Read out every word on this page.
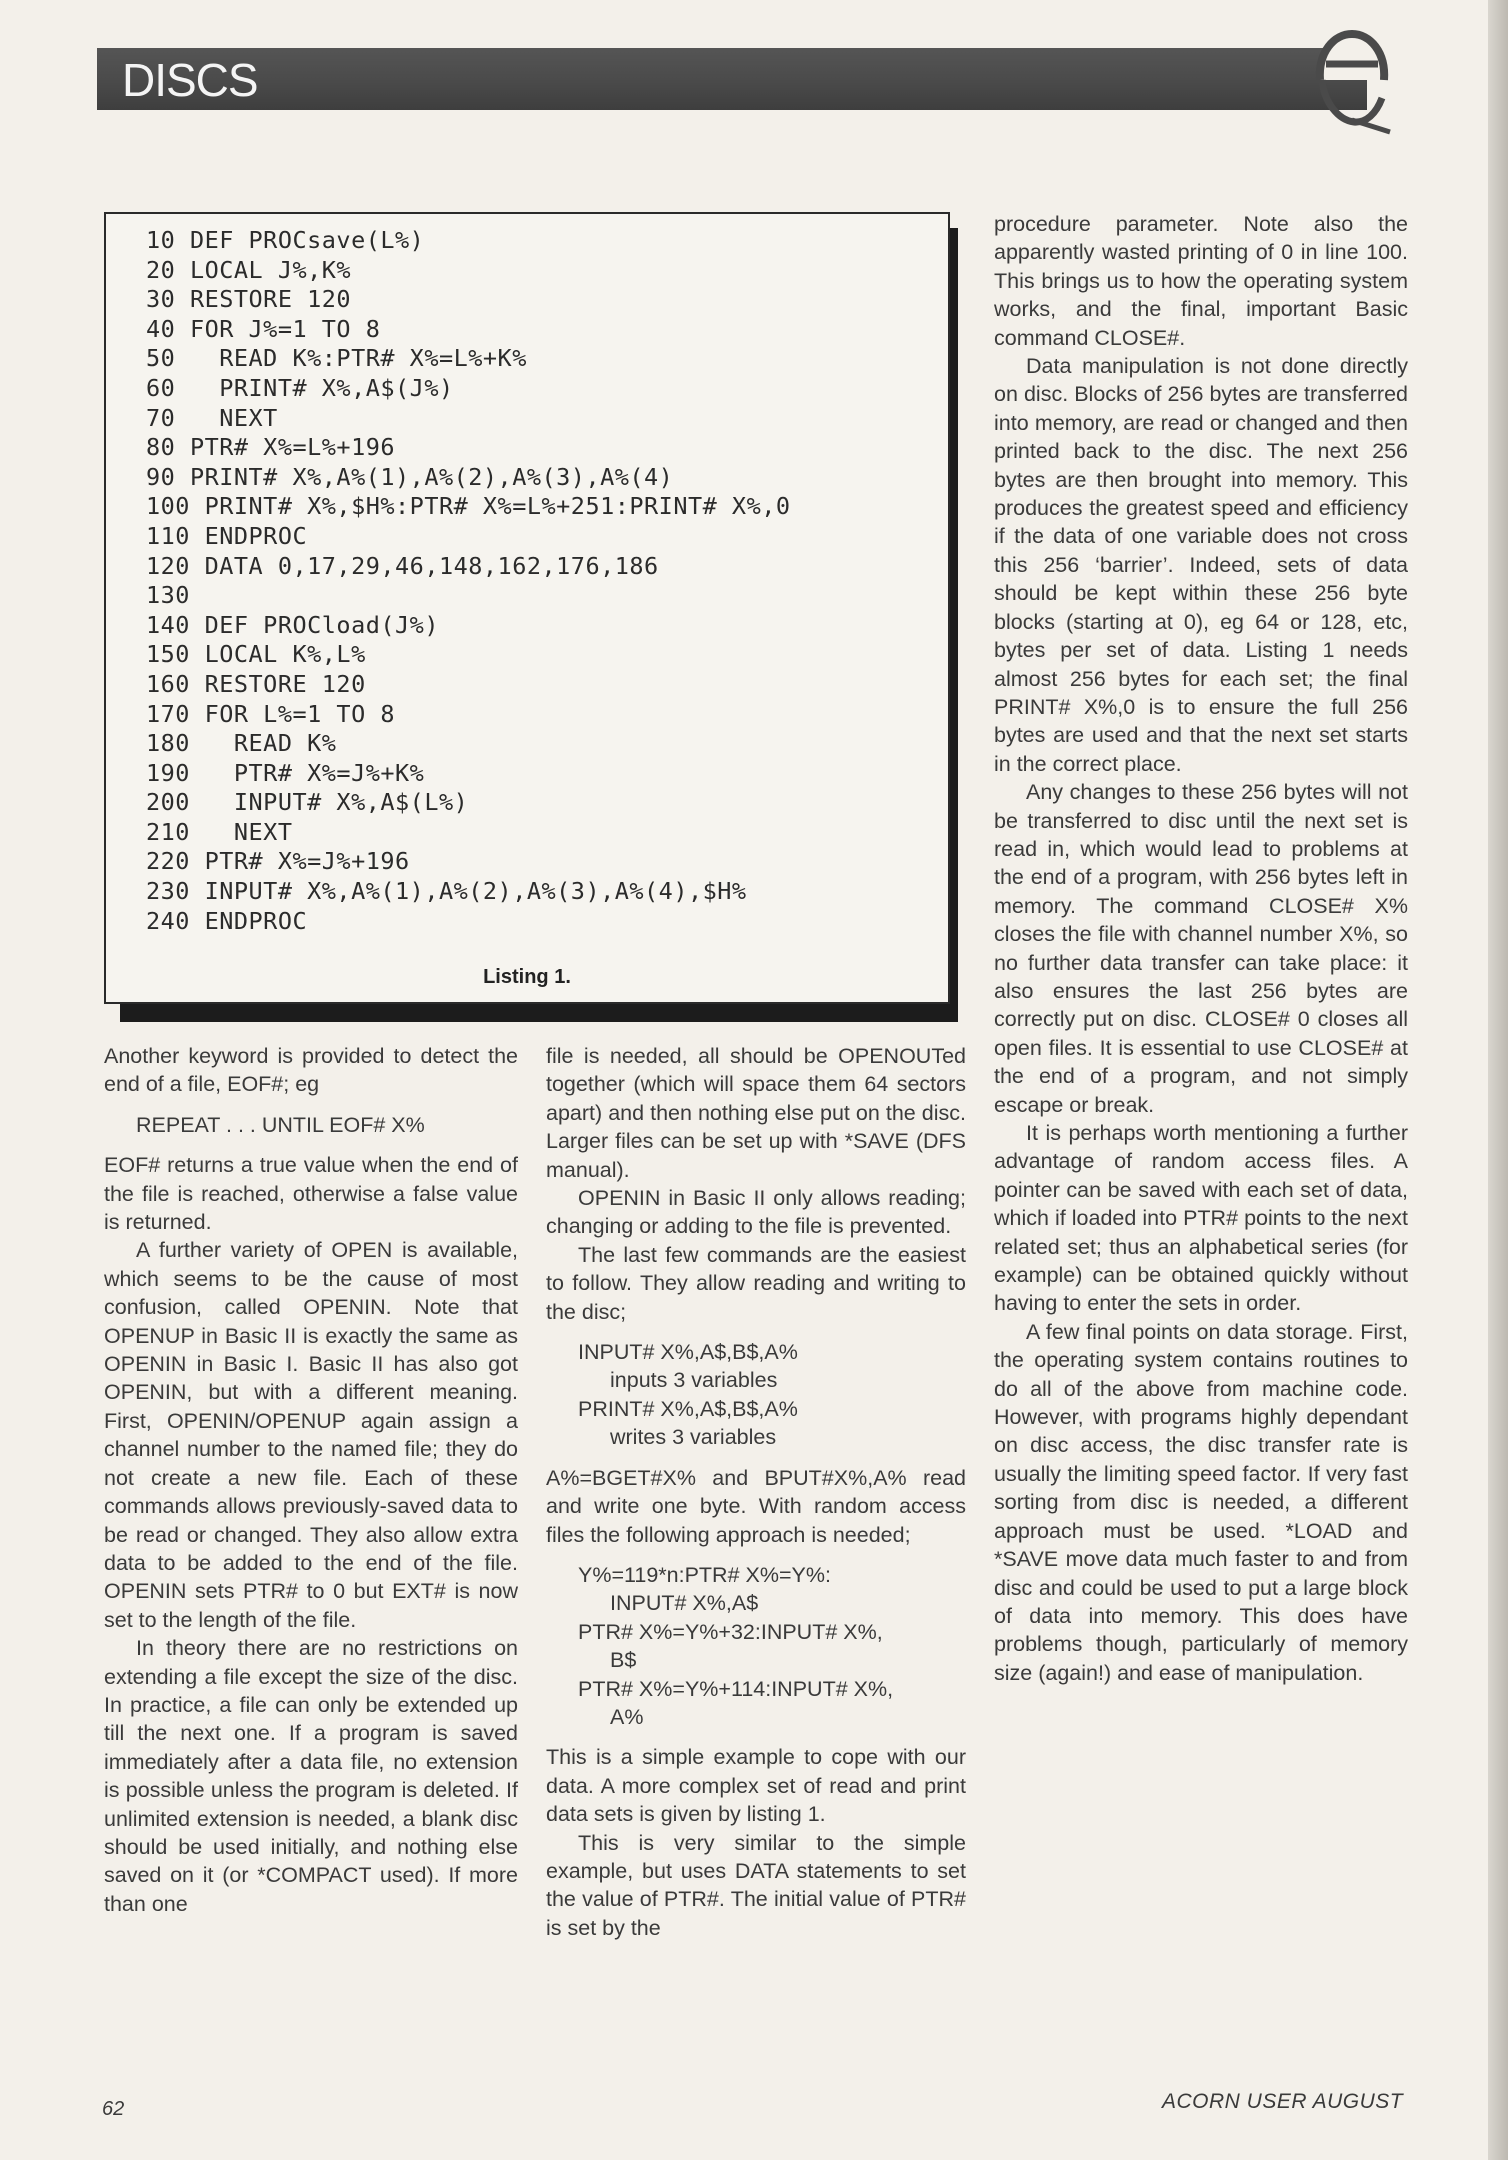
DISCS
10 DEF PROCsave(L%)
20 LOCAL J%,K%
30 RESTORE 120
40 FOR J%=1 TO 8
50   READ K%:PTR# X%=L%+K%
60   PRINT# X%,A$(J%)
70   NEXT
80 PTR# X%=L%+196
90 PRINT# X%,A%(1),A%(2),A%(3),A%(4)
100 PRINT# X%,$H%:PTR# X%=L%+251:PRINT# X%,0
110 ENDPROC
120 DATA 0,17,29,46,148,162,176,186
130
140 DEF PROCload(J%)
150 LOCAL K%,L%
160 RESTORE 120
170 FOR L%=1 TO 8
180   READ K%
190   PTR# X%=J%+K%
200   INPUT# X%,A$(L%)
210   NEXT
220 PTR# X%=J%+196
230 INPUT# X%,A%(1),A%(2),A%(3),A%(4),$H%
240 ENDPROC
Listing 1.

Another keyword is provided to detect the end of a file, EOF#; eg

REPEAT . . . UNTIL EOF# X%

EOF# returns a true value when the end of the file is reached, otherwise a false value is returned.

A further variety of OPEN is available, which seems to be the cause of most confusion, called OPENIN. Note that OPENUP in Basic II is exactly the same as OPENIN in Basic I. Basic II has also got OPENIN, but with a different meaning. First, OPENIN/OPENUP again assign a channel number to the named file; they do not create a new file. Each of these commands allows previously-saved data to be read or changed. They also allow extra data to be added to the end of the file. OPENIN sets PTR# to 0 but EXT# is now set to the length of the file.

In theory there are no restrictions on extending a file except the size of the disc. In practice, a file can only be extended up till the next one. If a program is saved immediately after a data file, no extension is possible unless the program is deleted. If unlimited extension is needed, a blank disc should be used initially, and nothing else saved on it (or *COMPACT used). If more than one

file is needed, all should be OPENOUTed together (which will space them 64 sectors apart) and then nothing else put on the disc. Larger files can be set up with *SAVE (DFS manual).

OPENIN in Basic II only allows reading; changing or adding to the file is prevented.

The last few commands are the easiest to follow. They allow reading and writing to the disc;

INPUT# X%,A$,B$,A%
inputs 3 variables
PRINT# X%,A$,B$,A%
writes 3 variables

A%=BGET#X% and BPUT#X%,A% read and write one byte. With random access files the following approach is needed;

Y%=119*n:PTR# X%=Y%:
INPUT# X%,A$
PTR# X%=Y%+32:INPUT# X%,
B$
PTR# X%=Y%+114:INPUT# X%,
A%

This is a simple example to cope with our data. A more complex set of read and print data sets is given by listing 1.

This is very similar to the simple example, but uses DATA statements to set the value of PTR#. The initial value of PTR# is set by the

procedure parameter. Note also the apparently wasted printing of 0 in line 100. This brings us to how the operating system works, and the final, important Basic command CLOSE#.

Data manipulation is not done directly on disc. Blocks of 256 bytes are transferred into memory, are read or changed and then printed back to the disc. The next 256 bytes are then brought into memory. This produces the greatest speed and efficiency if the data of one variable does not cross this 256 ‘barrier’. Indeed, sets of data should be kept within these 256 byte blocks (starting at 0), eg 64 or 128, etc, bytes per set of data. Listing 1 needs almost 256 bytes for each set; the final PRINT# X%,0 is to ensure the full 256 bytes are used and that the next set starts in the correct place.

Any changes to these 256 bytes will not be transferred to disc until the next set is read in, which would lead to problems at the end of a program, with 256 bytes left in memory. The command CLOSE# X% closes the file with channel number X%, so no further data transfer can take place: it also ensures the last 256 bytes are correctly put on disc. CLOSE# 0 closes all open files. It is essential to use CLOSE# at the end of a program, and not simply escape or break.

It is perhaps worth mentioning a further advantage of random access files. A pointer can be saved with each set of data, which if loaded into PTR# points to the next related set; thus an alphabetical series (for example) can be obtained quickly without having to enter the sets in order.

A few final points on data storage. First, the operating system contains routines to do all of the above from machine code. However, with programs highly dependant on disc access, the disc transfer rate is usually the limiting speed factor. If very fast sorting from disc is needed, a different approach must be used. *LOAD and *SAVE move data much faster to and from disc and could be used to put a large block of data into memory. This does have problems though, particularly of memory size (again!) and ease of manipulation.

62	ACORN USER AUGUST
